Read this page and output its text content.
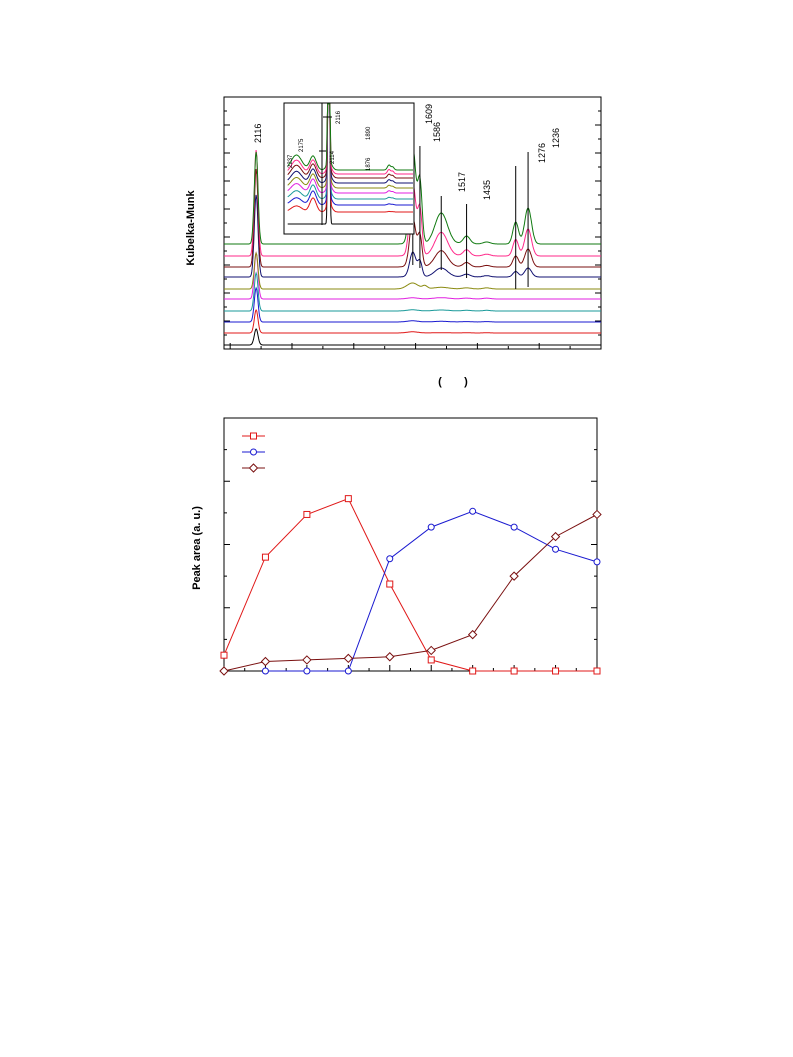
2116
1609
1586
1517 1435
1276
1236
Kubelka-Munk
( )
2116
2237
2175
2114
1890
1876
Peak area (a. u.)
